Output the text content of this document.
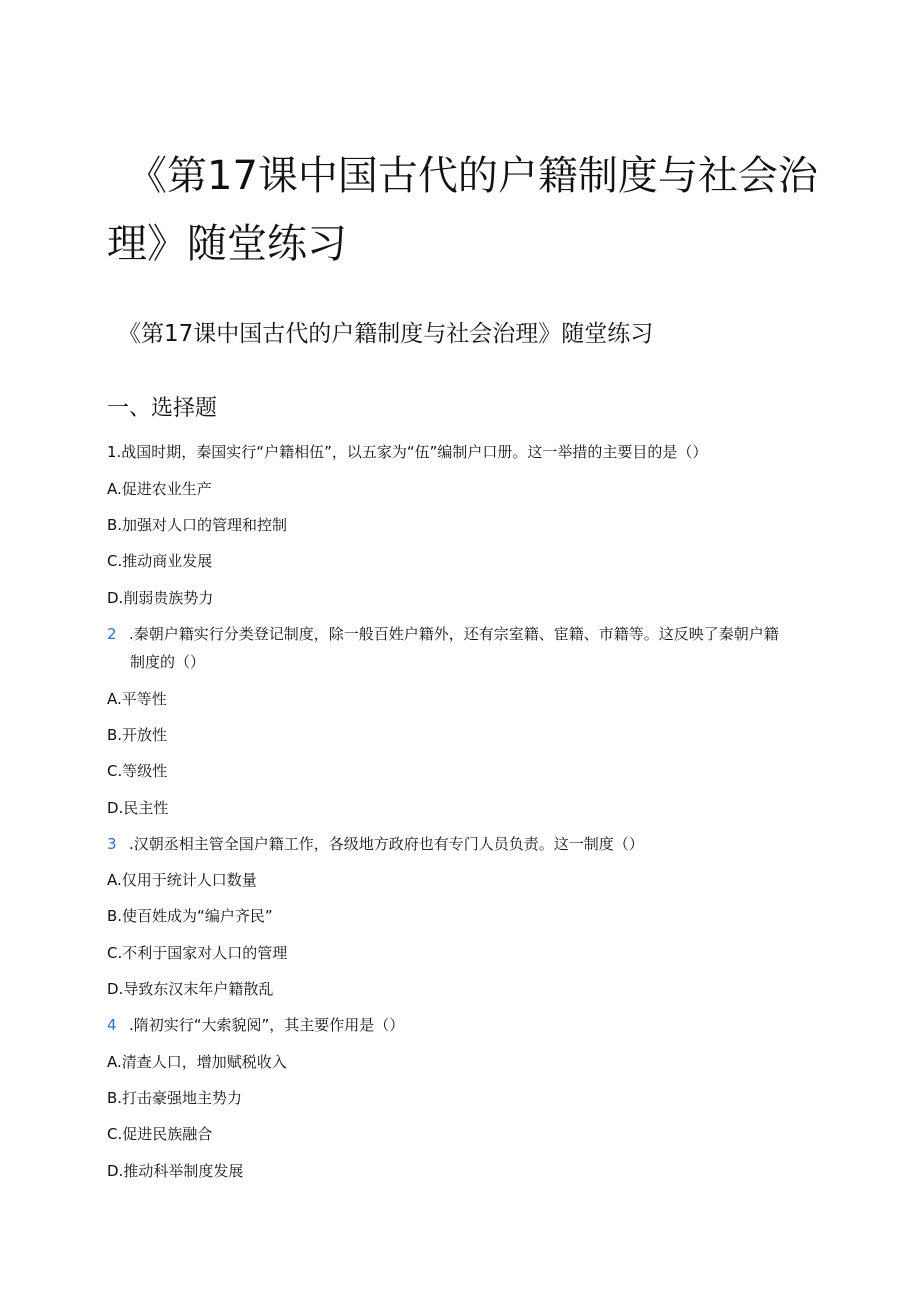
《第17课中国古代的户籍制度与社会治
理》随堂练习
《第17课中国古代的户籍制度与社会治理》随堂练习
一、选择题
1.战国时期，秦国实行“户籍相伍”，以五家为“伍”编制户口册。这一举措的主要目的是（）
A.促进农业生产
B.加强对人口的管理和控制
C.推动商业发展
D.削弱贵族势力
2 .秦朝户籍实行分类登记制度，除一般百姓户籍外，还有宗室籍、宦籍、市籍等。这反映了秦朝户籍
制度的（）
A.平等性
B.开放性
C.等级性
D.民主性
3 .汉朝丞相主管全国户籍工作，各级地方政府也有专门人员负责。这一制度（）
A.仅用于统计人口数量
B.使百姓成为“编户齐民”
C.不利于国家对人口的管理
D.导致东汉末年户籍散乱
4 .隋初实行“大索貌阅”，其主要作用是（）
A.清查人口，增加赋税收入
B.打击豪强地主势力
C.促进民族融合
D.推动科举制度发展
